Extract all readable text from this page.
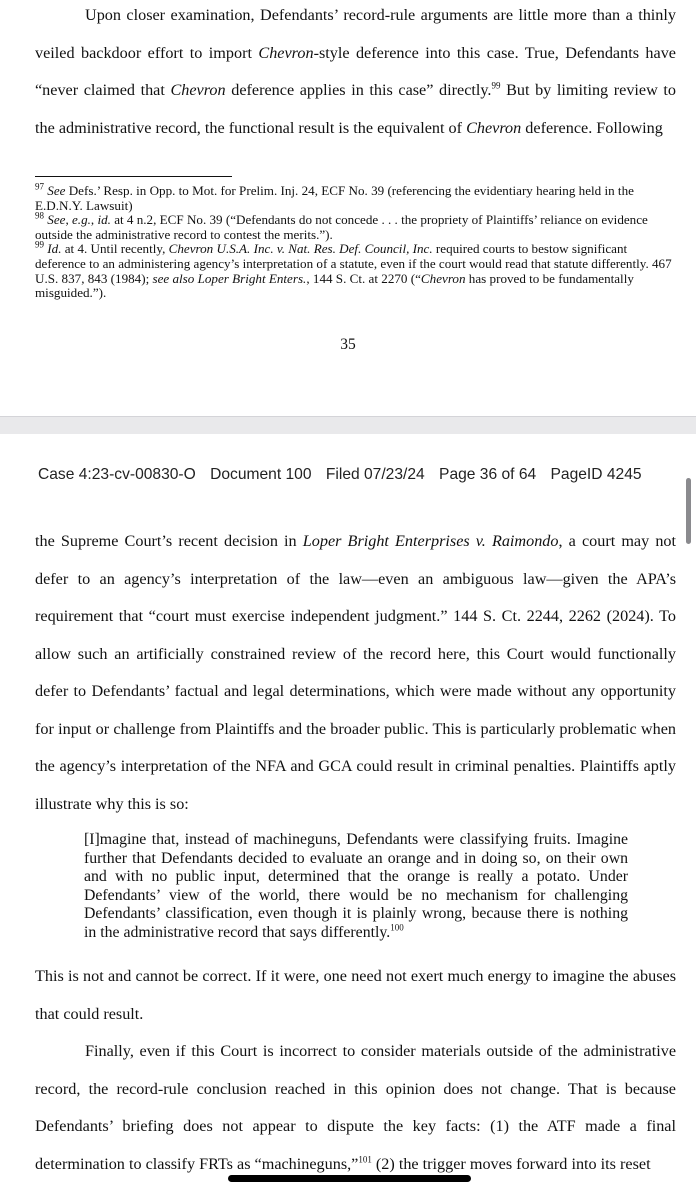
Upon closer examination, Defendants’ record-rule arguments are little more than a thinly veiled backdoor effort to import Chevron-style deference into this case. True, Defendants have “never claimed that Chevron deference applies in this case” directly.$^{99}$ But by limiting review to the administrative record, the functional result is the equivalent of Chevron deference. Following

$^{97}$ See Defs.’ Resp. in Opp. to Mot. for Prelim. Inj. 24, ECF No. 39 (referencing the evidentiary hearing held in the E.D.N.Y. Lawsuit)

$^{98}$ See, e.g., id. at 4 n.2, ECF No. 39 (“Defendants do not concede . . . the propriety of Plaintiffs’ reliance on evidence outside the administrative record to contest the merits.”).

$^{99}$ Id. at 4. Until recently, Chevron U.S.A. Inc. v. Nat. Res. Def. Council, Inc. required courts to bestow significant deference to an administering agency’s interpretation of a statute, even if the court would read that statute differently. 467 U.S. 837, 843 (1984); see also Loper Bright Enters., 144 S. Ct. at 2270 (“Chevron has proved to be fundamentally misguided.”).

35
Case 4:23-cv-00830-O Document 100 Filed 07/23/24 Page 36 of 64 PageID 4245

the Supreme Court’s recent decision in Loper Bright Enterprises v. Raimondo, a court may not defer to an agency’s interpretation of the law—even an ambiguous law—given the APA’s requirement that “court must exercise independent judgment.” 144 S. Ct. 2244, 2262 (2024). To allow such an artificially constrained review of the record here, this Court would functionally defer to Defendants’ factual and legal determinations, which were made without any opportunity for input or challenge from Plaintiffs and the broader public. This is particularly problematic when the agency’s interpretation of the NFA and GCA could result in criminal penalties. Plaintiffs aptly illustrate why this is so:

[I]magine that, instead of machineguns, Defendants were classifying fruits. Imagine further that Defendants decided to evaluate an orange and in doing so, on their own and with no public input, determined that the orange is really a potato. Under Defendants’ view of the world, there would be no mechanism for challenging Defendants’ classification, even though it is plainly wrong, because there is nothing in the administrative record that says differently.$^{100}$

This is not and cannot be correct. If it were, one need not exert much energy to imagine the abuses that could result.

Finally, even if this Court is incorrect to consider materials outside of the administrative record, the record-rule conclusion reached in this opinion does not change. That is because Defendants’ briefing does not appear to dispute the key facts: (1) the ATF made a final determination to classify FRTs as “machineguns,”$^{101}$ (2) the trigger moves forward into its reset
